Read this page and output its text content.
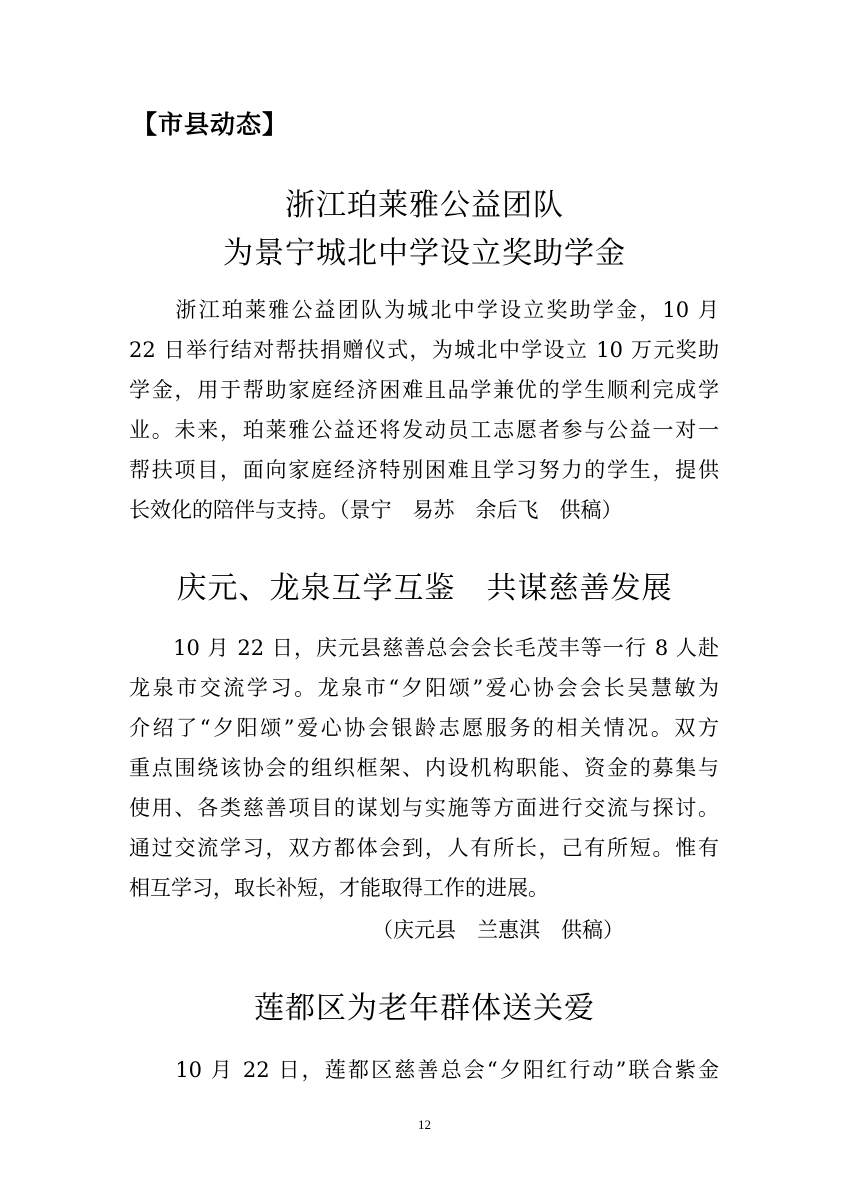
【市县动态】
浙江珀莱雅公益团队
为景宁城北中学设立奖助学金
　　浙江珀莱雅公益团队为城北中学设立奖助学金，10 月
22 日举行结对帮扶捐赠仪式，为城北中学设立 10 万元奖助
学金，用于帮助家庭经济困难且品学兼优的学生顺利完成学
业。未来，珀莱雅公益还将发动员工志愿者参与公益一对一
帮扶项目，面向家庭经济特别困难且学习努力的学生，提供
长效化的陪伴与支持。（景宁　易苏　余后飞　供稿）
庆元、龙泉互学互鉴　共谋慈善发展
　　10 月 22 日，庆元县慈善总会会长毛茂丰等一行 8 人赴
龙泉市交流学习。龙泉市“夕阳颂”爱心协会会长吴慧敏为
介绍了“夕阳颂”爱心协会银龄志愿服务的相关情况。双方
重点围绕该协会的组织框架、内设机构职能、资金的募集与
使用、各类慈善项目的谋划与实施等方面进行交流与探讨。
通过交流学习，双方都体会到，人有所长，己有所短。惟有
相互学习，取长补短，才能取得工作的进展。
（庆元县　兰惠淇　供稿）
莲都区为老年群体送关爱
　　10 月 22 日，莲都区慈善总会“夕阳红行动”联合紫金
12
